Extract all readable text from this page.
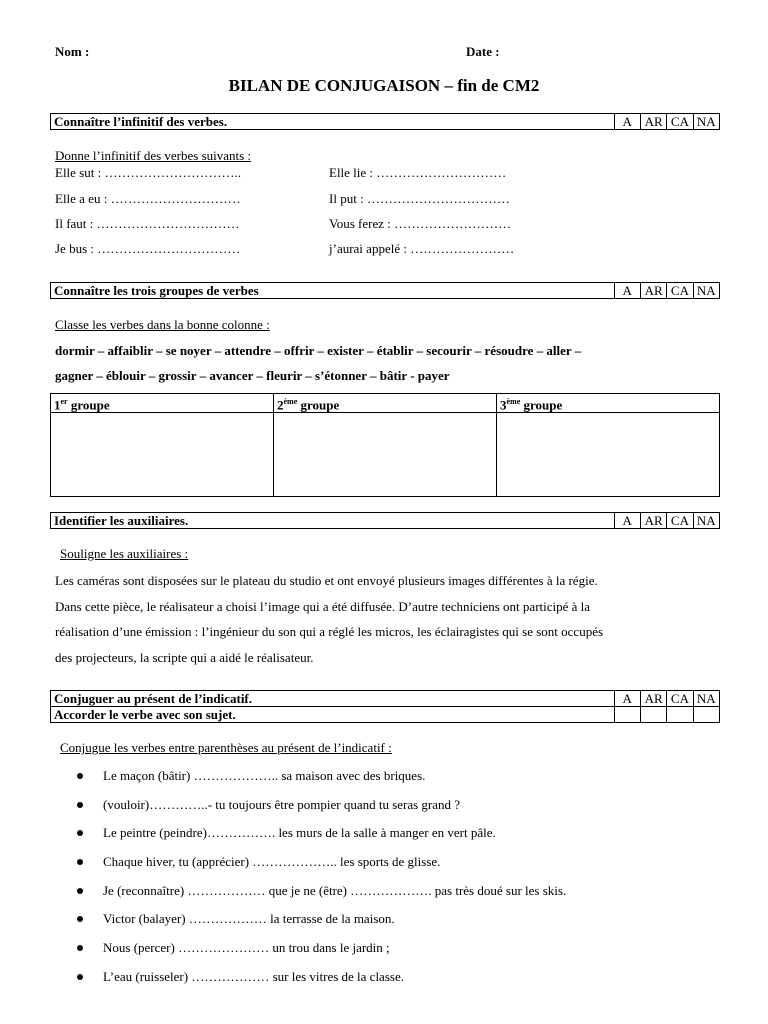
Nom :	Date :
BILAN DE CONJUGAISON – fin de CM2
Connaître l’infinitif des verbes.	A	AR	CA	NA
Donne l’infinitif des verbes suivants :
Elle sut : …………………………..
Elle a eu : …………………………
Il faut : ……………………………
Je bus : ……………………………
Elle lie : …………………………
Il put : ……………………………
Vous ferez : ………………………
j’aurai appelé : ……………………
Connaître les trois groupes de verbes	A	AR	CA	NA
Classe les verbes dans la bonne colonne :
dormir – affaiblir – se noyer – attendre – offrir – exister – établir – secourir – résoudre – aller –
gagner – éblouir – grossir – avancer – fleurir – s’étonner – bâtir - payer
1er groupe	2ème groupe	3ème groupe

Identifier les auxiliaires.	A	AR	CA	NA
Souligne les auxiliaires :
Les caméras sont disposées sur le plateau du studio et ont envoyé plusieurs images différentes à la régie.
Dans cette pièce, le réalisateur a choisi l’image qui a été diffusée. D’autre techniciens ont participé à la
réalisation d’une émission : l’ingénieur du son qui a réglé les micros, les éclairagistes qui se sont occupés
des projecteurs, la scripte qui a aidé le réalisateur.
Conjuguer au présent de l’indicatif.	A	AR	CA	NA
Accorder le verbe avec son sujet.				
Conjugue les verbes entre parenthèses au présent de l’indicatif :
Le maçon (bâtir) ……………….. sa maison avec des briques.
(vouloir)…………..- tu toujours être pompier quand tu seras grand ?
Le peintre (peindre)……………. les murs de la salle à manger en vert pâle.
Chaque hiver, tu (apprécier) ……………….. les sports de glisse.
Je (reconnaître) ……………… que je ne (être) ………………. pas très doué sur les skis.
Victor (balayer) ……………… la terrasse de la maison.
Nous (percer) ………………… un trou dans le jardin ;
L’eau (ruisseler) ……………… sur les vitres de la classe.
